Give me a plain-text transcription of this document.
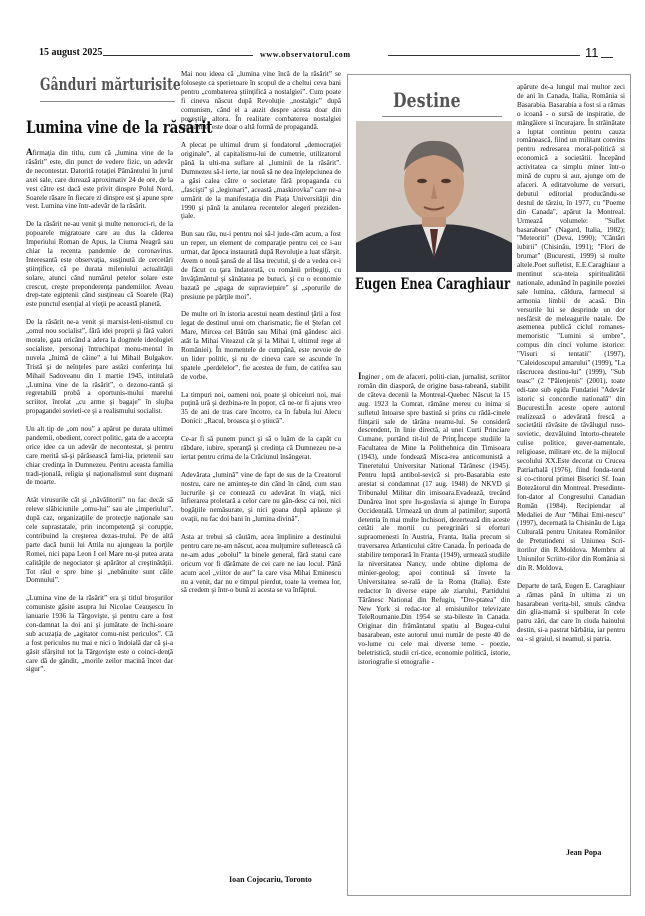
15 august 2025	www.observatorul.com	11
Gânduri mărturisite
Lumina vine de la răsărit

Afirmaţia din titlu, cum că „lumina vine de la răsărit” este, din punct de vedere fizic, un adevăr de necontestat. Datorită rotaţiei Pământului în jurul axei sale, care durează aproximativ 24 de ore, de la vest către est dacă este privit dinspre Polul Nord, Soarele răsare în fiecare zi dinspre est şi apune spre vest. Lumina vine într-adevăr de la răsărit.

De la răsărit ne-au venit şi multe nenoroci-ri, de la popoarele migratoare care au dus la căderea Imperiului Roman de Apus, la Ciuma Neagră sau chiar la recenta pandemie de coronavirus. Interesantă este observaţia, susţinută de cercetări ştiinţifice, că pe durata mileniului actualităţii solare, atunci când numărul petelor solare este crescut, creşte preponderenţa pandemiilor. Aveau drep-tate egiptenii când susţineau că Soarele (Ra) este punctul esenţial al vieţii pe această planetă.

De la răsărit ne-a venit şi marxist-leni-nismul cu „omul nou socialist”, fără idei proprii şi fără valori morale, gata oricând a adera la dogmele ideologiei socialiste, personaj întruchipat monu-mental în nuvela „Inimă de câine” a lui Mihail Bulgakov. Tristă şi de neînţeles pare astăzi conferinţa lui Mihail Sadoveanu din 1 martie 1945, intitulată „Lumina vine de la răsărit”, o dezono-rantă şi regretabilă probă a oportunis-mului marelui scriitor, înrolat „cu arme şi bagaje” în slujba propagandei sovieti-ce şi a realismului socialist.

Un alt tip de „om nou” a apărut pe durata ultimei pandemii, obedient, corect politic, gata de a accepta orice idee ca un adevăr de necontestat, şi pentru care meritã să-şi părăsească fami-lia, prietenii sau chiar credinţa în Dumnezeu. Pentru aceasta familia tradi-ţională, religia şi naţionalismul sunt duşmani de moarte.

Atât virusurile cât şi „năvălitorii” nu fac decât să releve slăbiciunile „omu-lui” sau ale „imperiului”, după caz, organizaţiile de protecţie naţionale sau cele suprastatale, prin incompetenţă şi corupţie, contribuind la creşterea dezas-trului. Pe de altă parte dacă hunii lui Attila nu ajungeau la porţile Romei, nici papa Leon I cel Mare nu-şi putea arata calităţile de negociator şi apărător al creştinătăţii. Tot răul e spre bine şi „nebănuite sunt căile Domnului”.

„Lumina vine de la răsărit” era şi titlul broşurilor comuniste găsite asupra lui Nicolae Ceauşescu în ianuarie 1936 la Târgovişte, şi pentru care a fost con-damnat la doi ani şi jumătate de închi-soare sub acuzaţia de „agitator comu-nist periculos”. Că a fost periculos nu mai e nici o îndoială dar că şi-a găsit sfârşitul tot la Târgovişte este o coinci-denţă care dă de gândit, „morile zeilor macină încet dar sigur”.

Mai nou ideea că „lumina vine încă de la răsărit” se foloseşte ca sperietoare în scopul de a cheltui ceva bani pentru „combaterea ştiinţifică a nostalgiei”. Cum poate fi cineva născut după Revoluţie „nostalgic” după comunism, când el a auzit despre acesta doar din poveştile altora. În realitate combaterea nostalgiei comuniste este doar o altă formă de propagandă.

A plecat pe ultimul drum şi fondatorul „democraţiei originale”, al capitalismu-lui de cumetrie, utilizatorul până la ulti-ma suflare al „luminii de la răsărit”. Dumnezeu să-l ierte, iar nouă să ne dea înţelepciunea de a găsi calea către o societate fără propaganda cu „fascişti” şi „legionari”, această „maskirovka” care ne-a urmărit de la manifestaţia din Piaţa Universităţii din 1990 şi până la anularea recentelor alegeri preziden-ţiale.

Bun sau rău, nu-i pentru noi să-l jude-căm acum, a fost un reper, un element de comparaţie pentru cei ce i-au urmat, dar ăpoca instaurată după Revoluţie a luat sfârşit. Avem o nouă şansă de al lăsa trecutul, şi de a vedea ce-i de făcut cu ţara îndatorată, cu românii pribegiţi, cu învăţământul şi sănătatea pe butuci, şi cu o economie bazată pe „spaga de supravieţuire” şi „sporurile de presiune pe părţile moi”.

De multe ori în istoria acestui neam destinul ţării a fost legat de destinul unui om charismatic, fie el Ştefan cel Mare, Mircea cel Bătrân sau Mihai (mă gândesc aici atât la Mihai Viteazul cât şi la Mihai I, ultimul rege al României). În momentele de cumpănă, este nevoie de un lider politic, şi nu de cineva care se ascunde în spatele „perdelelor”, fie acestea de fum, de catifea sau de vorbe.

La timpuri noi, oameni noi, poate şi obiceiuri noi, mai puţină ură şi dezbina-re în popor, că ne-or fi ajuns vreo 35 de ani de tras care încotro, ca în fabula lui Alecu Donici: „Racul, broasca şi o ştiucă”.

Ce-ar fi să punem punct şi să o luăm de la capăt cu răbdare, iubire, speranţă şi credinţa că Dumnezeu ne-a iertat pentru crima de la Crăciunul însângerat.

Adevărata „lumină” vine de fapt de sus de la Creatorul nostru, care ne aminteş-te din când în când, cum stau lucrurile şi ce contează cu adevărat în viaţă, nici înfierarea proletară a celor care nu gân-desc ca noi, nici bogăţiile nemăsurate, şi nici goana după aplauze şi ovaţii, nu fac doi bani în „lumina divină”.

Asta ar trebui să căutăm, acea împlinire a destinului pentru care ne-am născut, acea mulţumire sufletească că ne-am adus „obolul” la binele general, fără statui care oricum vor fi dărâmate de cei care ne iau locul. Până acum acel „viitor de aur” la care visa Mihai Eminescu nu a venit, dar nu e timpul pierdut, toate la vremea lor, să credem şi într-o bună zi acesta se va înfăptui.

Ioan Cojocariu, Toronto
Destine
Eugen Enea Caraghiaur

Inginer , om de afaceri, politi-cian, jurnalist, scriitor român din diasporă, de origine basa-rabeană, stabilit de câteva decenii la Montreal-Quebec Născut la 15 aug. 1923 la Comrat, rămâne mereu cu inima si sufletul întoarse spre bastină si prins cu rădă-cinele fiinţarii sale de tărâna neamu-lui. Se consideră descendent, în linie directă, al unei Curti Princiare Cumane, purtând tit-lul de Prinţ.Începe studiile la Facultatea de Mine la Polithehnica din Timisoara (1943), unde fondează Misca-rea anticomunistă a Tineretului Universitar National Tărănesc (1945). Pentru luptă antibol-sevică si pro-Basarabia este arestat si condamnat (17 aug. 1948) de NKVD şi Tribunalul Militar din imisoara.Evadează, trecând Dunărea înot spre Iu-goslavia si ajunge în Europa Occidentală. Urmează un drum al patimilor; suportă detentia în mai multe închisori, dezertează din aceste cetăti ale mortii cu peregrinări si eforturi supraomenesti în Austria, Franta, Italia precum si traversarea Atlanticului către Canada. În perioada de stabilire temporară în Franta (1949), urmează studiile la niversitatea Nancy, unde obtine diploma de minier-geolog; apoi continuă să învete la Universitatea se-rală de la Roma (Italia). Este redactor în diverse etape ale ziarului, Partidului Tărănesc National din Refugiu, "Dre-ptatea" din New York si redac-tor al emisiunilor televizate TeleRoumanie.Din 1954 se sta-bileste în Canada. Originar din frământatul spatiu al Bugea-cului basarabean, este autorul unui număr de peste 40 de vo-lume cu cele mai diverse teme - poezie, beletristică, studii cri-tice, economie politică, istorie, istoriografie si etnografie -

apărute de-a lungul mai multor zeci de ani în Canada, Italia, România si Basarabia. Basarabia a fost si a rămas o icoană - o sursă de inspiratie, de mângâiere si încurajare. În străinătate a luptat continuu pentru cauza românească, fiind un militant convins pentru redresarea moral-politică si economică a societătii. Începând activitatea ca simplu miner într-o mină de cupru si aur, ajunge om de afaceri. A editatvolume de versuri, debutul editorial producându-se destul de târziu, în 1977, cu "Poeme din Canada", apărut la Montreal. Urmează volumele: "Suflet basarabean" (Nagard, Italia, 1982); "Meteoriti" (Deva, 1990); "Cântări iubirii" (Chisinău, 1991); "Flori de brumar" (Bucuresti, 1999) si multe altele.Poet sufletist, E.E.Caraghiaur a mentinut sca-nteia spiritualitătii nationale, adunând în paginile poeziei sale lumina, căldura, farmecul si armonia limbii de acasă. Din versurile lui se desprinde un dor nesfârsit de meleagurile natale. De asemenea publică ciclul romanes-memoristic "Lumini si umbre", compus din cinci volume istorice: "Visuri si tentatii" (1997), "Caleidoscopul amarului" (1999), "La răscrucea destinu-lui" (1999), "Sub teasc" (2 "Păienjenis" (2001), toate edi-tate sub egida Fundatiei "Adevăr istoric si concordie natională" din Bucuresti.În aceste opere autorul realizează o adevărată frescă a societătii răvăsite de tăvălugul ruso-sovietic, dezvăluind întorto-cheatele culise politice, guver-namentale, religioase, militare etc. de la mijlocul secolului XX.Este decorat cu Crucea Patriarhală (1976), fiind fonda-torul si co-ctitorul primei Biserici Sf. Ioan Botezătorul din Montreal. Presedinte-fon-dator al Congresului Canadian Român (1984). Recipiendar al Medaliei de Aur "Mihai Emi-nescu" (1997), decernată la Chisinău de Liga Culturală pentru Unitatea Românilor de Pretutindeni si Uniunea Scri-itorilor din R.Moldova. Membru al Uniunilor Scriito-rilor din România si din R. Moldova.

Departe de tară, Eugen E. Caraghiaur a rămas până în ultima zi un basarabean verita-bil, smuls cândva din glia-mamă si spulberat în cele patru zări, dar care în ciuda hainului destin, si-a pastrat bărbătia, iar pentru ea - si graiul, si neamul, si patria.

Jean Popa
